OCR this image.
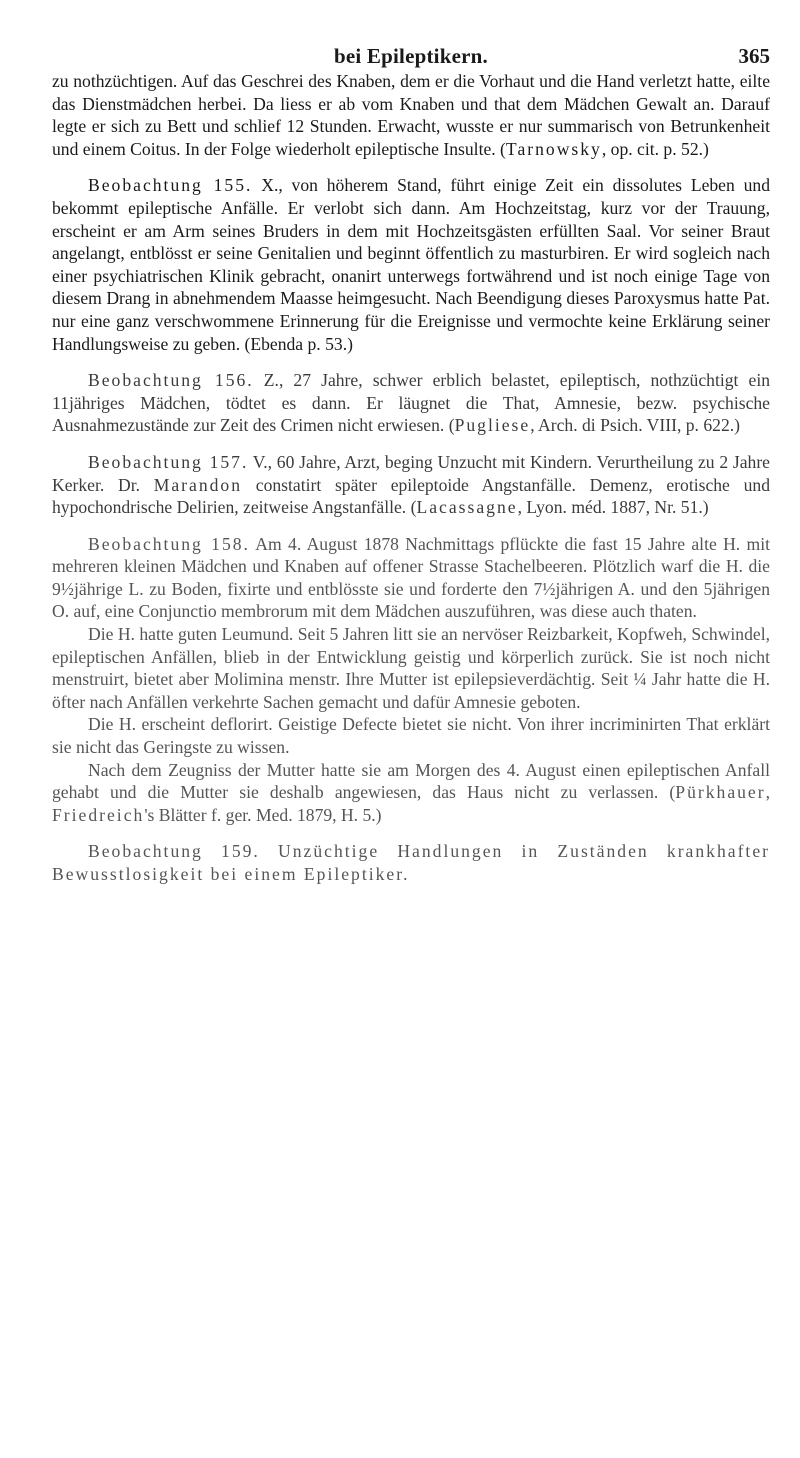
bei Epileptikern.	365

zu nothzüchtigen. Auf das Geschrei des Knaben, dem er die Vorhaut und die Hand verletzt hatte, eilte das Dienstmädchen herbei. Da liess er ab vom Knaben und that dem Mädchen Gewalt an. Darauf legte er sich zu Bett und schlief 12 Stunden. Erwacht, wusste er nur summarisch von Betrunkenheit und einem Coitus. In der Folge wiederholt epileptische Insulte. (Tarnowsky, op. cit. p. 52.)

Beobachtung 155. X., von höherem Stand, führt einige Zeit ein dissolutes Leben und bekommt epileptische Anfälle. Er verlobt sich dann. Am Hochzeitstag, kurz vor der Trauung, erscheint er am Arm seines Bruders in dem mit Hochzeitsgästen erfüllten Saal. Vor seiner Braut angelangt, entblösst er seine Genitalien und beginnt öffentlich zu masturbiren. Er wird sogleich nach einer psychiatrischen Klinik gebracht, onanirt unterwegs fortwährend und ist noch einige Tage von diesem Drang in abnehmendem Maasse heimgesucht. Nach Beendigung dieses Paroxysmus hatte Pat. nur eine ganz verschwommene Erinnerung für die Ereignisse und vermochte keine Erklärung seiner Handlungsweise zu geben. (Ebenda p. 53.)

Beobachtung 156. Z., 27 Jahre, schwer erblich belastet, epileptisch, nothzüchtigt ein 11jähriges Mädchen, tödtet es dann. Er läugnet die That, Amnesie, bezw. psychische Ausnahmezustände zur Zeit des Crimen nicht erwiesen. (Pugliese, Arch. di Psich. VIII, p. 622.)

Beobachtung 157. V., 60 Jahre, Arzt, beging Unzucht mit Kindern. Verurtheilung zu 2 Jahre Kerker. Dr. Marandon constatirt später epileptoide Angstanfälle. Demenz, erotische und hypochondrische Delirien, zeitweise Angstanfälle. (Lacassagne, Lyon. méd. 1887, Nr. 51.)

Beobachtung 158. Am 4. August 1878 Nachmittags pflückte die fast 15 Jahre alte H. mit mehreren kleinen Mädchen und Knaben auf offener Strasse Stachelbeeren. Plötzlich warf die H. die 9½jährige L. zu Boden, fixirte und entblösste sie und forderte den 7½jährigen A. und den 5jährigen O. auf, eine Conjunctio membrorum mit dem Mädchen auszuführen, was diese auch thaten.

Die H. hatte guten Leumund. Seit 5 Jahren litt sie an nervöser Reizbarkeit, Kopfweh, Schwindel, epileptischen Anfällen, blieb in der Entwicklung geistig und körperlich zurück. Sie ist noch nicht menstruirt, bietet aber Molimina menstr. Ihre Mutter ist epilepsieverdächtig. Seit ¼ Jahr hatte die H. öfter nach Anfällen verkehrte Sachen gemacht und dafür Amnesie geboten.

Die H. erscheint deflorirt. Geistige Defecte bietet sie nicht. Von ihrer incriminirten That erklärt sie nicht das Geringste zu wissen.

Nach dem Zeugniss der Mutter hatte sie am Morgen des 4. August einen epileptischen Anfall gehabt und die Mutter sie deshalb angewiesen, das Haus nicht zu verlassen. (Pürkhauer, Friedreich's Blätter f. ger. Med. 1879, H. 5.)

Beobachtung 159. Unzüchtige Handlungen in Zuständen krankhafter Bewusstlosigkeit bei einem Epileptiker.
